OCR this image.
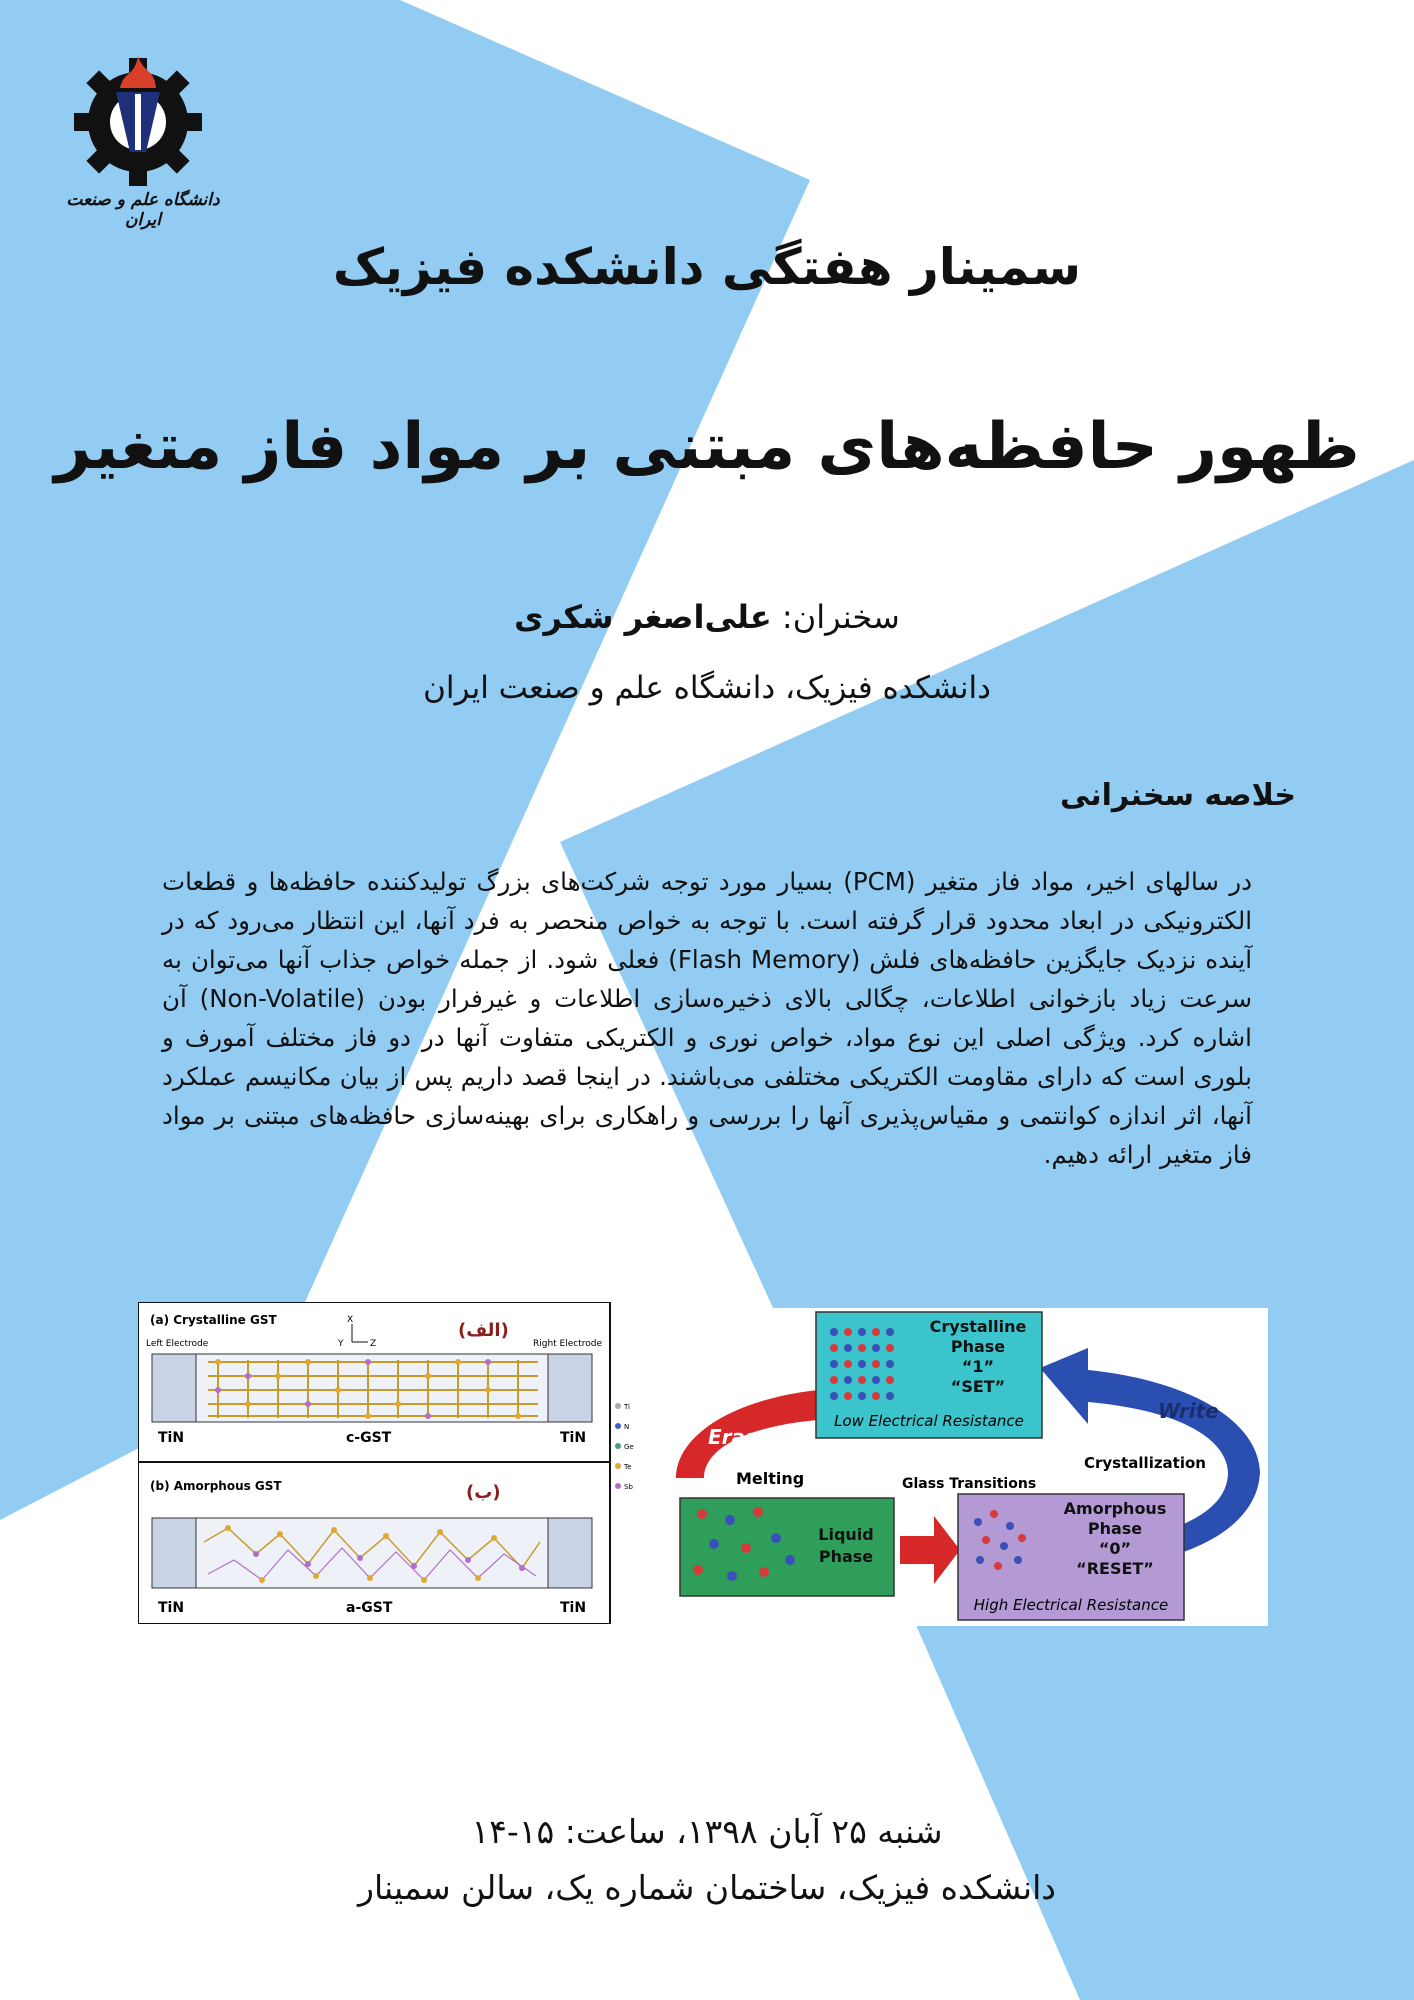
دانشگاه علم و صنعت ایران
سمینار هفتگی دانشکده فیزیک
ظهور حافظه‌های مبتنی بر مواد فاز متغیر
سخنران: علی‌اصغر شکری
دانشکده فیزیک، دانشگاه علم و صنعت ایران
خلاصه سخنرانی
در سالهای اخیر، مواد فاز متغیر (PCM) بسیار مورد توجه شرکت‌های بزرگ تولیدکننده حافظه‌ها و قطعات الکترونیکی در ابعاد محدود قرار گرفته است. با توجه به خواص منحصر به فرد آنها، این انتظار می‌رود که در آینده نزدیک جایگزین حافظه‌های فلش (Flash Memory) فعلی شود. از جمله خواص جذاب آنها می‌توان به سرعت زیاد بازخوانی اطلاعات، چگالی بالای ذخیره‌سازی اطلاعات و غیرفرار بودن (Non-Volatile) آن اشاره کرد. ویژگی اصلی این نوع مواد، خواص نوری و الکتریکی متفاوت آنها در دو فاز مختلف آمورف و بلوری است که دارای مقاومت الکتریکی مختلفی می‌باشند. در اینجا قصد داریم پس از بیان مکانیسم عملکرد آنها، اثر اندازه کوانتمی و مقیاس‌پذیری آنها را بررسی و راهکاری برای بهینه‌سازی حافظه‌های مبتنی بر مواد فاز متغیر ارائه دهیم.
(a) Crystalline GST	(الف)
Left Electrode	Right Electrode
X
Y	Z
TiN	c-GST	TiN
(b) Amorphous GST	(ب)
TiN	a-GST	TiN
Ti
N
Ge
Te
Sb
Crystalline
Phase
“1”
“SET”
Low Electrical Resistance
Liquid
Phase
Amorphous
Phase
“0”
“RESET”
High Electrical Resistance
Erase
Write
Melting	Glass Transitions
Crystallization
شنبه ۲۵ آبان ۱۳۹۸، ساعت: ۱۵-۱۴
دانشکده فیزیک، ساختمان شماره یک، سالن سمینار
